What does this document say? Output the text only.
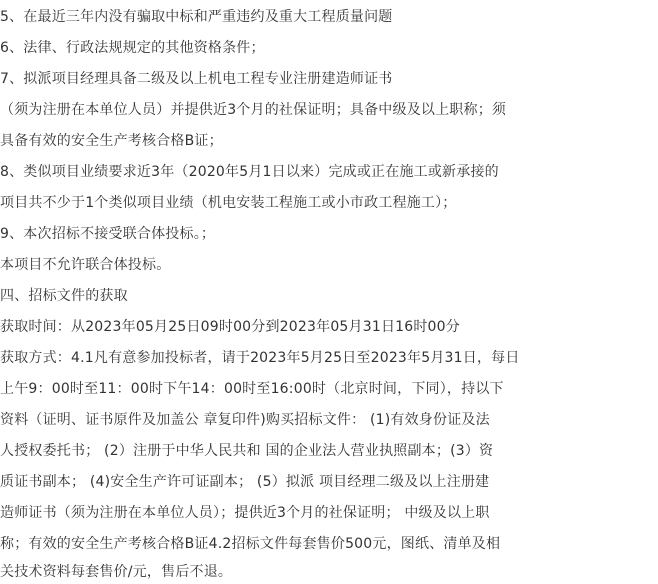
5、在最近三年内没有骗取中标和严重违约及重大工程质量问题
6、法律、行政法规规定的其他资格条件；
7、拟派项目经理具备二级及以上机电工程专业注册建造师证书
（须为注册在本单位人员）并提供近3个月的社保证明；具备中级及以上职称；须
具备有效的安全生产考核合格B证；
8、类似项目业绩要求近3年（2020年5月1日以来）完成或正在施工或新承接的
项目共不少于1个类似项目业绩（机电安装工程施工或小市政工程施工）；
9、本次招标不接受联合体投标。；
本项目不允许联合体投标。
四、招标文件的获取
获取时间：从2023年05月25日09时00分到2023年05月31日16时00分
获取方式：4.1凡有意参加投标者，请于2023年5月25日至2023年5月31日，每日
上午9：00时至11：00时下午14：00时至16:00时（北京时间，下同），持以下
资料（证明、证书原件及加盖公 章复印件)购买招标文件： (1)有效身份证及法
人授权委托书； (2）注册于中华人民共和 国的企业法人营业执照副本；(3）资
质证书副本； (4)安全生产许可证副本； (5）拟派 项目经理二级及以上注册建
造师证书（须为注册在本单位人员）；提供近3个月的社保证明； 中级及以上职
称；有效的安全生产考核合格B证4.2招标文件每套售价500元，图纸、清单及相
关技术资料每套售价/元，售后不退。
